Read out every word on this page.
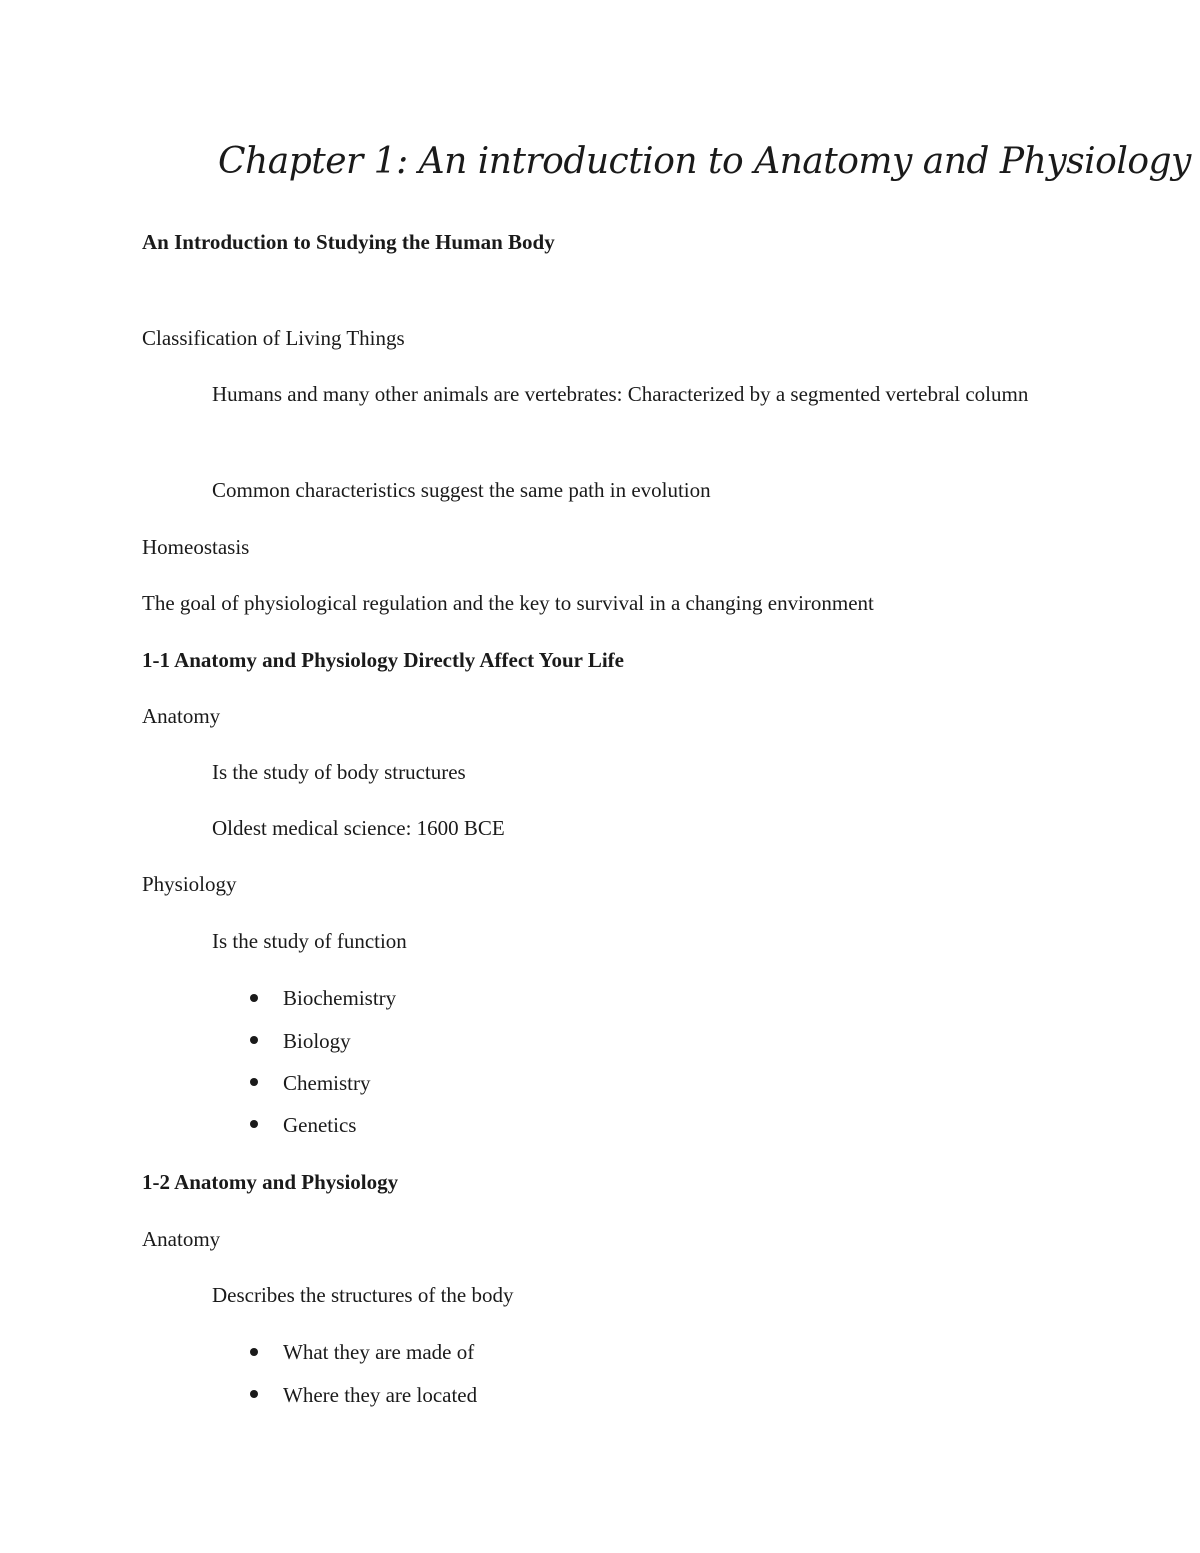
Chapter 1: An introduction to Anatomy and Physiology

An Introduction to Studying the Human Body

Classification of Living Things

Humans and many other animals are vertebrates: Characterized by a segmented vertebral column

Common characteristics suggest the same path in evolution

Homeostasis

The goal of physiological regulation and the key to survival in a changing environment

1-1 Anatomy and Physiology Directly Affect Your Life

Anatomy

Is the study of body structures

Oldest medical science: 1600 BCE

Physiology

Is the study of function

Biochemistry

Biology

Chemistry

Genetics

1-2 Anatomy and Physiology

Anatomy

Describes the structures of the body

What they are made of

Where they are located
